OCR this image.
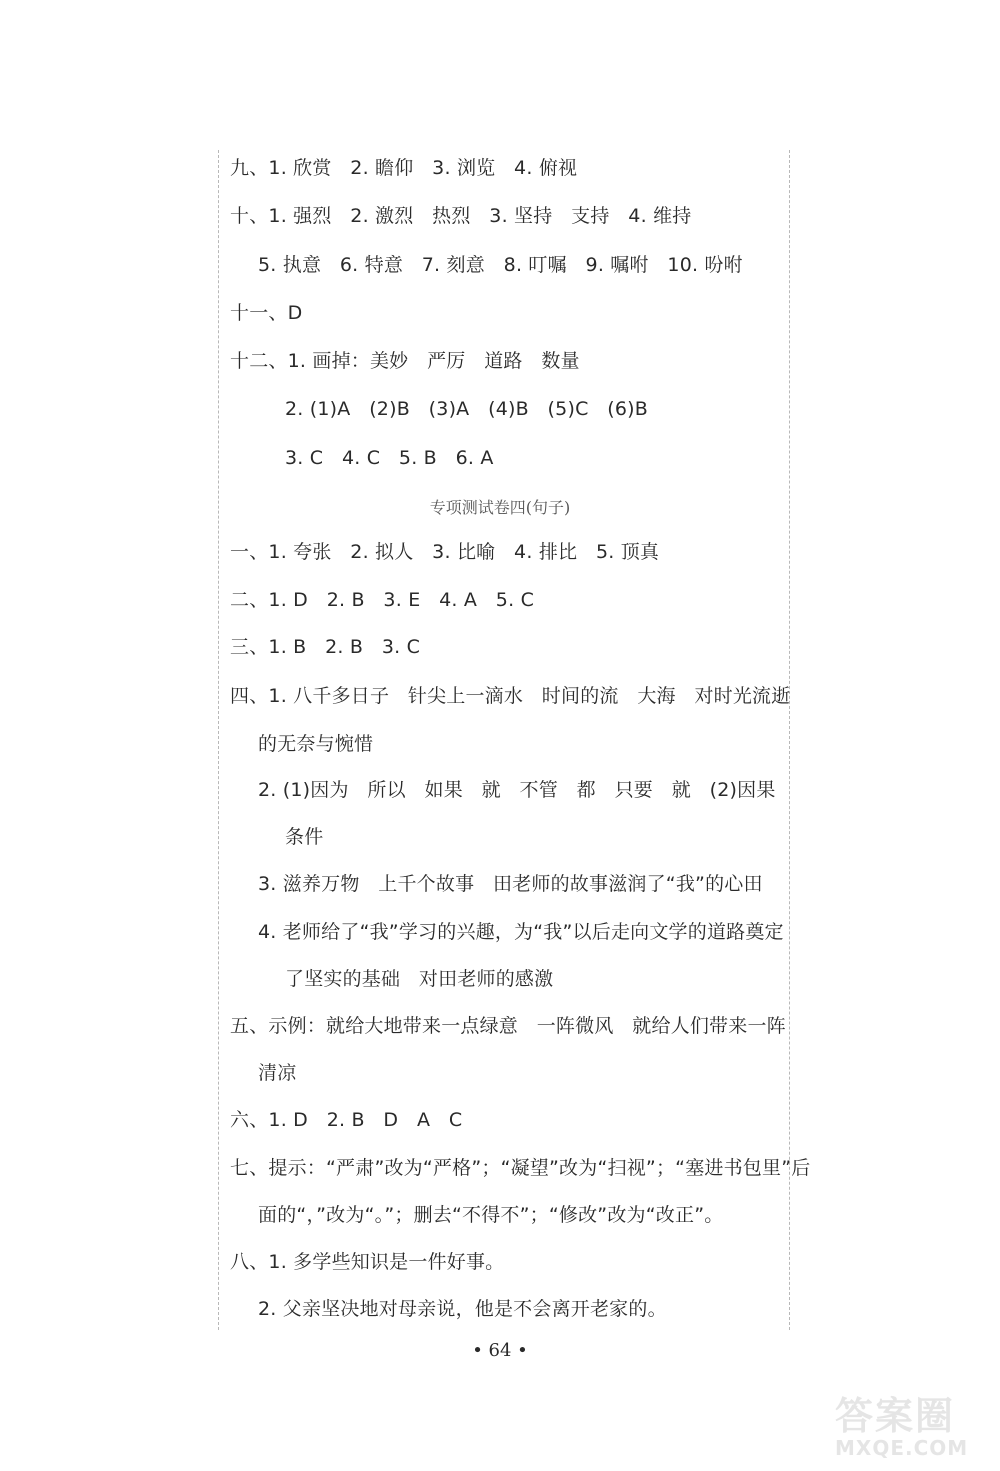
九、1. 欣赏   2. 瞻仰   3. 浏览   4. 俯视
十、1. 强烈   2. 激烈   热烈   3. 坚持   支持   4. 维持
5. 执意   6. 特意   7. 刻意   8. 叮嘱   9. 嘱咐   10. 吩咐
十一、D
十二、1. 画掉：美妙   严厉   道路   数量
2. (1)A   (2)B   (3)A   (4)B   (5)C   (6)B
3. C   4. C   5. B   6. A
专项测试卷四(句子)
一、1. 夸张   2. 拟人   3. 比喻   4. 排比   5. 顶真
二、1. D   2. B   3. E   4. A   5. C
三、1. B   2. B   3. C
四、1. 八千多日子   针尖上一滴水   时间的流   大海   对时光流逝
的无奈与惋惜
2. (1)因为   所以   如果   就   不管   都   只要   就   (2)因果
条件
3. 滋养万物   上千个故事   田老师的故事滋润了“我”的心田
4. 老师给了“我”学习的兴趣，为“我”以后走向文学的道路奠定
了坚实的基础   对田老师的感激
五、示例：就给大地带来一点绿意   一阵微风   就给人们带来一阵
清凉
六、1. D   2. B   D   A   C
七、提示：“严肃”改为“严格”；“凝望”改为“扫视”；“塞进书包里”后
面的“，”改为“。”；删去“不得不”；“修改”改为“改正”。
八、1. 多学些知识是一件好事。
2. 父亲坚决地对母亲说，他是不会离开老家的。
• 64 •
答案圈
MXQE.COM
